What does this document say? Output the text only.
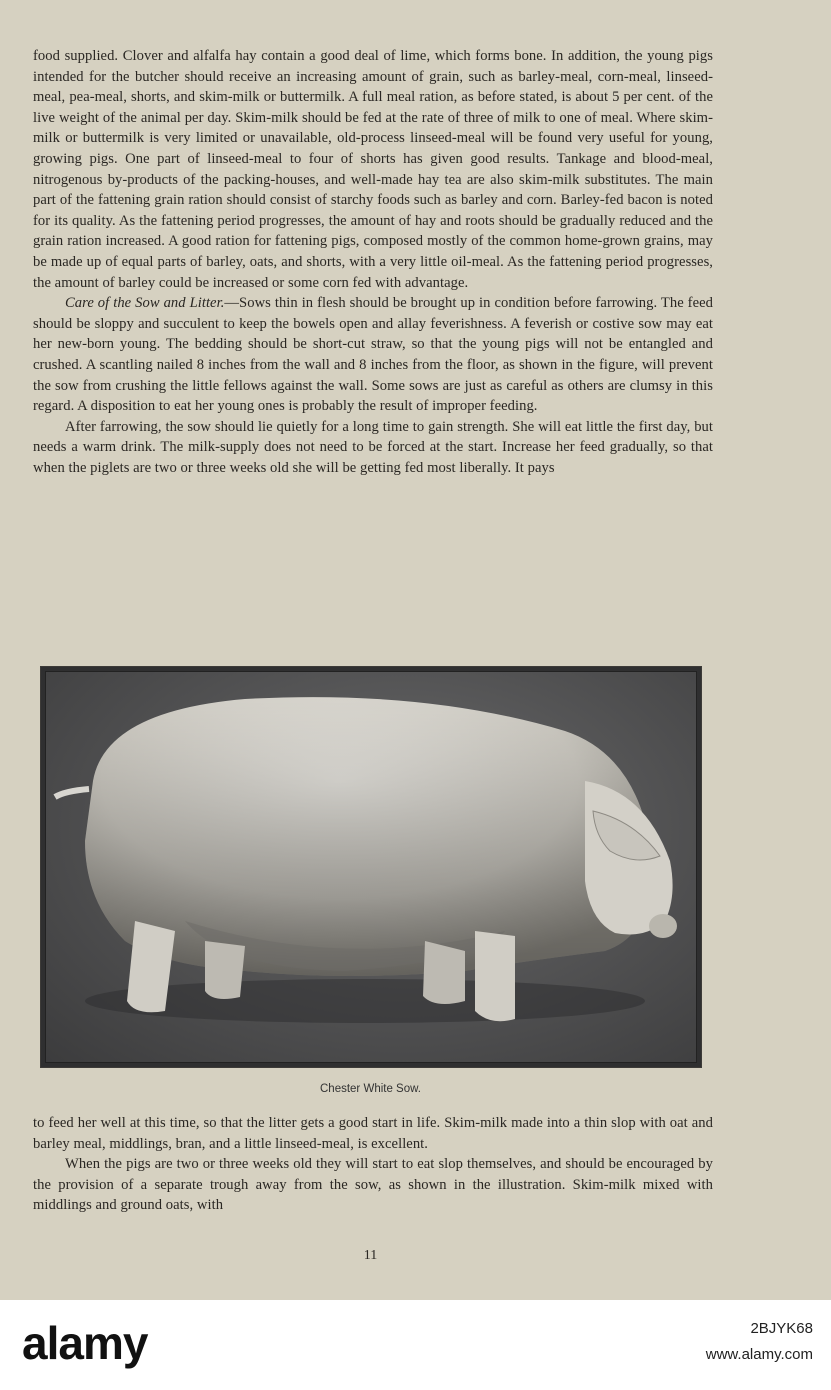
food supplied. Clover and alfalfa hay contain a good deal of lime, which forms bone. In addition, the young pigs intended for the butcher should receive an increasing amount of grain, such as barley-meal, corn-meal, linseed-meal, pea-meal, shorts, and skim-milk or buttermilk. A full meal ration, as before stated, is about 5 per cent. of the live weight of the animal per day. Skim-milk should be fed at the rate of three of milk to one of meal. Where skim-milk or buttermilk is very limited or unavailable, old-process linseed-meal will be found very useful for young, growing pigs. One part of linseed-meal to four of shorts has given good results. Tankage and blood-meal, nitrogenous by-products of the packing-houses, and well-made hay tea are also skim-milk substitutes. The main part of the fattening grain ration should consist of starchy foods such as barley and corn. Barley-fed bacon is noted for its quality. As the fattening period progresses, the amount of hay and roots should be gradually reduced and the grain ration increased. A good ration for fattening pigs, composed mostly of the common home-grown grains, may be made up of equal parts of barley, oats, and shorts, with a very little oil-meal. As the fattening period progresses, the amount of barley could be increased or some corn fed with advantage.

Care of the Sow and Litter.—Sows thin in flesh should be brought up in condition before farrowing. The feed should be sloppy and succulent to keep the bowels open and allay feverishness. A feverish or costive sow may eat her new-born young. The bedding should be short-cut straw, so that the young pigs will not be entangled and crushed. A scantling nailed 8 inches from the wall and 8 inches from the floor, as shown in the figure, will prevent the sow from crushing the little fellows against the wall. Some sows are just as careful as others are clumsy in this regard. A disposition to eat her young ones is probably the result of improper feeding.

After farrowing, the sow should lie quietly for a long time to gain strength. She will eat little the first day, but needs a warm drink. The milk-supply does not need to be forced at the start. Increase her feed gradually, so that when the piglets are two or three weeks old she will be getting fed most liberally. It pays

Chester White Sow.

to feed her well at this time, so that the litter gets a good start in life. Skim-milk made into a thin slop with oat and barley meal, middlings, bran, and a little linseed-meal, is excellent.

When the pigs are two or three weeks old they will start to eat slop themselves, and should be encouraged by the provision of a separate trough away from the sow, as shown in the illustration. Skim-milk mixed with middlings and ground oats, with

11
alamy	2BJYK68
www.alamy.com
